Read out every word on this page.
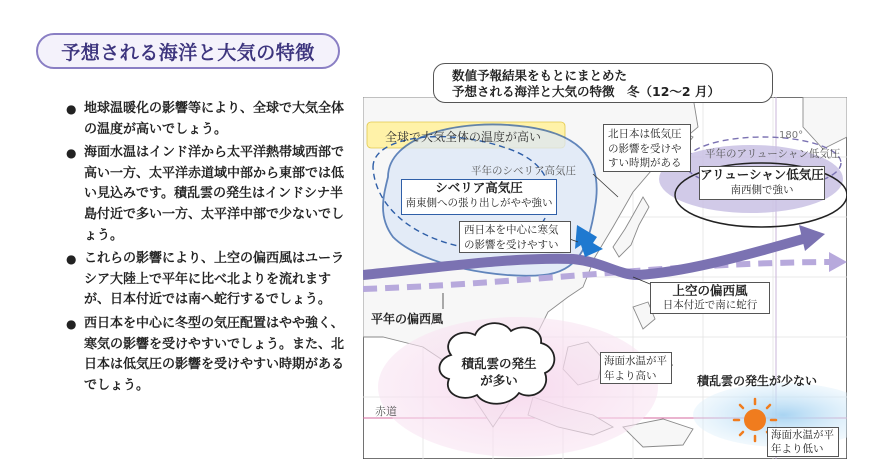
予想される海洋と大気の特徴
● 地球温暖化の影響等により、全球で大気全体の温度が高いでしょう。
● 海面水温はインド洋から太平洋熱帯域西部で高い一方、太平洋赤道域中部から東部では低い見込みです。積乱雲の発生はインドシナ半島付近で多い一方、太平洋中部で少ないでしょう。
● これらの影響により、上空の偏西風はユーラシア大陸上で平年に比べ北よりを流れますが、日本付近では南へ蛇行するでしょう。
● 西日本を中心に冬型の気圧配置はやや強く、寒気の影響を受けやすいでしょう。また、北日本は低気圧の影響を受けやすい時期があるでしょう。
数値予報結果をもとにまとめた
予想される海洋と大気の特徴　冬（12～2 月）
全球で大気全体の温度が高い
平年のシベリア高気圧
シベリア高気圧
南東側への張り出しがやや強い
北日本は低気圧の影響を受けやすい時期がある
180°
平年のアリューシャン低気圧
アリューシャン低気圧
南西側で強い
西日本を中心に寒気の影響を受けやすい
上空の偏西風
日本付近で南に蛇行
平年の偏西風
積乱雲の発生が多い
海面水温が平年より高い	積乱雲の発生が少ない
赤道
海面水温が平年より低い
